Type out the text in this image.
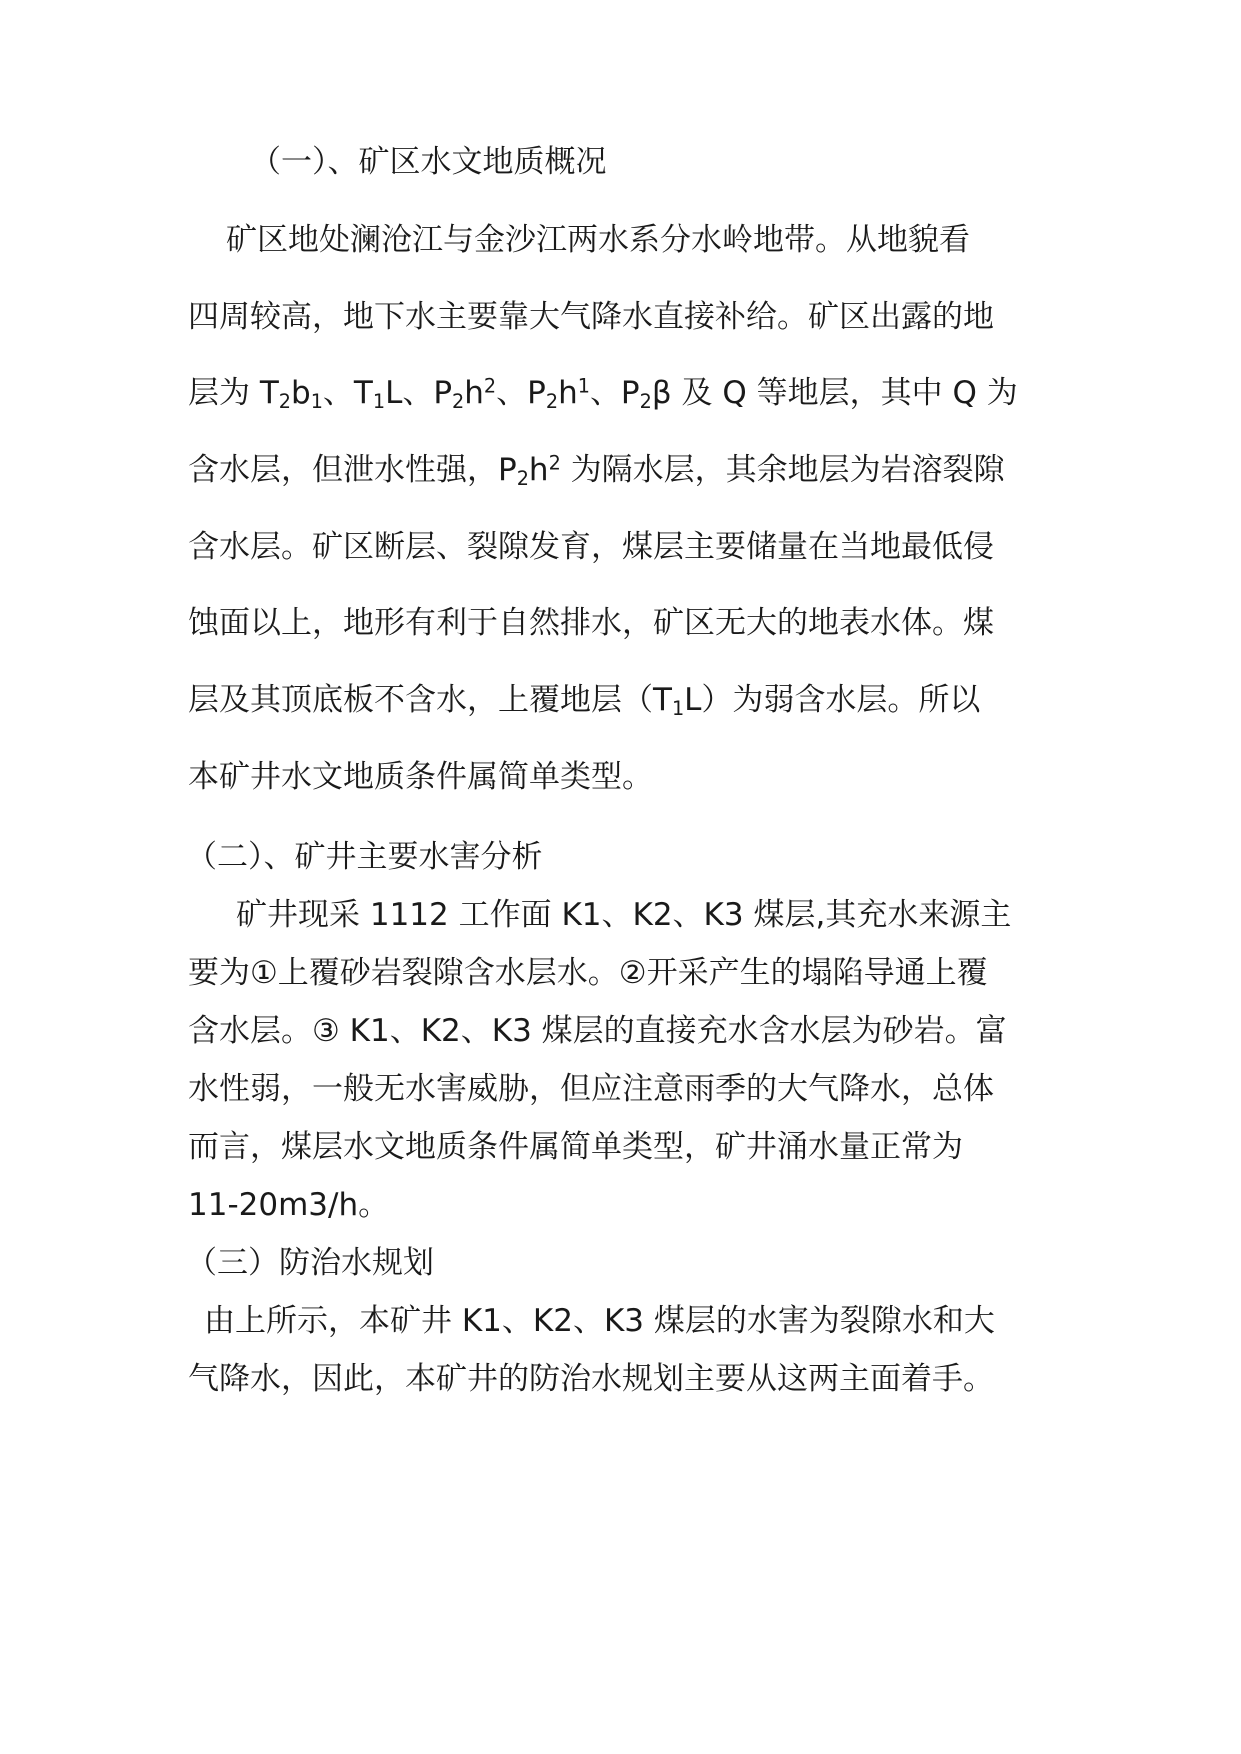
（一）、矿区水文地质概况

矿区地处澜沧江与金沙江两水系分水岭地带。从地貌看

四周较高，地下水主要靠大气降水直接补给。矿区出露的地

层为 $T_2b_1$、$T_1L$、$P_2h^2$、$P_2h^1$、$P_2\beta$ 及 Q 等地层，其中 Q 为

含水层，但泄水性强，$P_2h^2$ 为隔水层，其余地层为岩溶裂隙

含水层。矿区断层、裂隙发育，煤层主要储量在当地最低侵

蚀面以上，地形有利于自然排水，矿区无大的地表水体。煤

层及其顶底板不含水，上覆地层$(T_1L)$为弱含水层。所以

本矿井水文地质条件属简单类型。

（二）、矿井主要水害分析

矿井现采 1112 工作面 K1、K2、K3 煤层,其充水来源主

要为①上覆砂岩裂隙含水层水。②开采产生的塌陷导通上覆

含水层。③ K1、K2、K3 煤层的直接充水含水层为砂岩。富

水性弱，一般无水害威胁，但应注意雨季的大气降水，总体

而言，煤层水文地质条件属简单类型，矿井涌水量正常为

11-20m3/h。

（三）防治水规划

由上所示，本矿井 K1、K2、K3 煤层的水害为裂隙水和大

气降水，因此，本矿井的防治水规划主要从这两主面着手。
